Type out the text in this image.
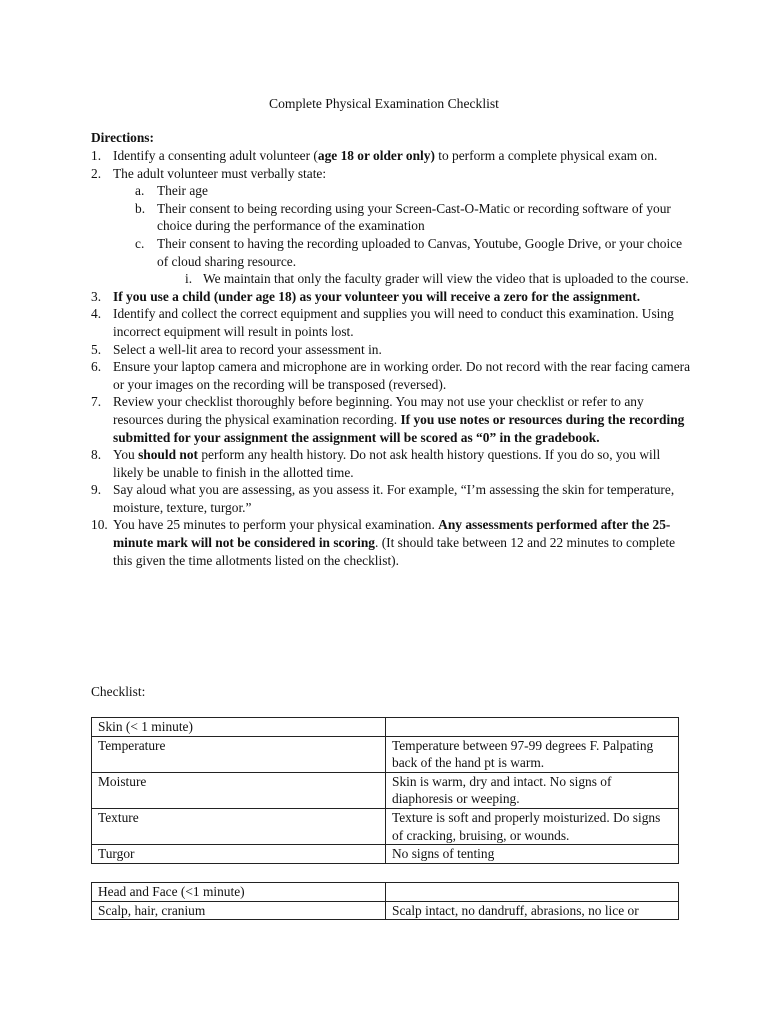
Complete Physical Examination Checklist
Directions:
1. Identify a consenting adult volunteer (age 18 or older only) to perform a complete physical exam on.
2. The adult volunteer must verbally state:
a. Their age
b. Their consent to being recording using your Screen-Cast-O-Matic or recording software of your choice during the performance of the examination
c. Their consent to having the recording uploaded to Canvas, Youtube, Google Drive, or your choice of cloud sharing resource.
i. We maintain that only the faculty grader will view the video that is uploaded to the course.
3. If you use a child (under age 18) as your volunteer you will receive a zero for the assignment.
4. Identify and collect the correct equipment and supplies you will need to conduct this examination. Using incorrect equipment will result in points lost.
5. Select a well-lit area to record your assessment in.
6. Ensure your laptop camera and microphone are in working order. Do not record with the rear facing camera or your images on the recording will be transposed (reversed).
7. Review your checklist thoroughly before beginning. You may not use your checklist or refer to any resources during the physical examination recording. If you use notes or resources during the recording submitted for your assignment the assignment will be scored as “0” in the gradebook.
8. You should not perform any health history. Do not ask health history questions. If you do so, you will likely be unable to finish in the allotted time.
9. Say aloud what you are assessing, as you assess it. For example, “I’m assessing the skin for temperature, moisture, texture, turgor.”
10. You have 25 minutes to perform your physical examination. Any assessments performed after the 25-minute mark will not be considered in scoring. (It should take between 12 and 22 minutes to complete this given the time allotments listed on the checklist).
Checklist:
Skin (< 1 minute)	
Temperature	Temperature between 97-99 degrees F. Palpating back of the hand pt is warm.
Moisture	Skin is warm, dry and intact. No signs of diaphoresis or weeping.
Texture	Texture is soft and properly moisturized. Do signs of cracking, bruising, or wounds.
Turgor	No signs of tenting
Head and Face (<1 minute)	
Scalp, hair, cranium	Scalp intact, no dandruff, abrasions, no lice or
